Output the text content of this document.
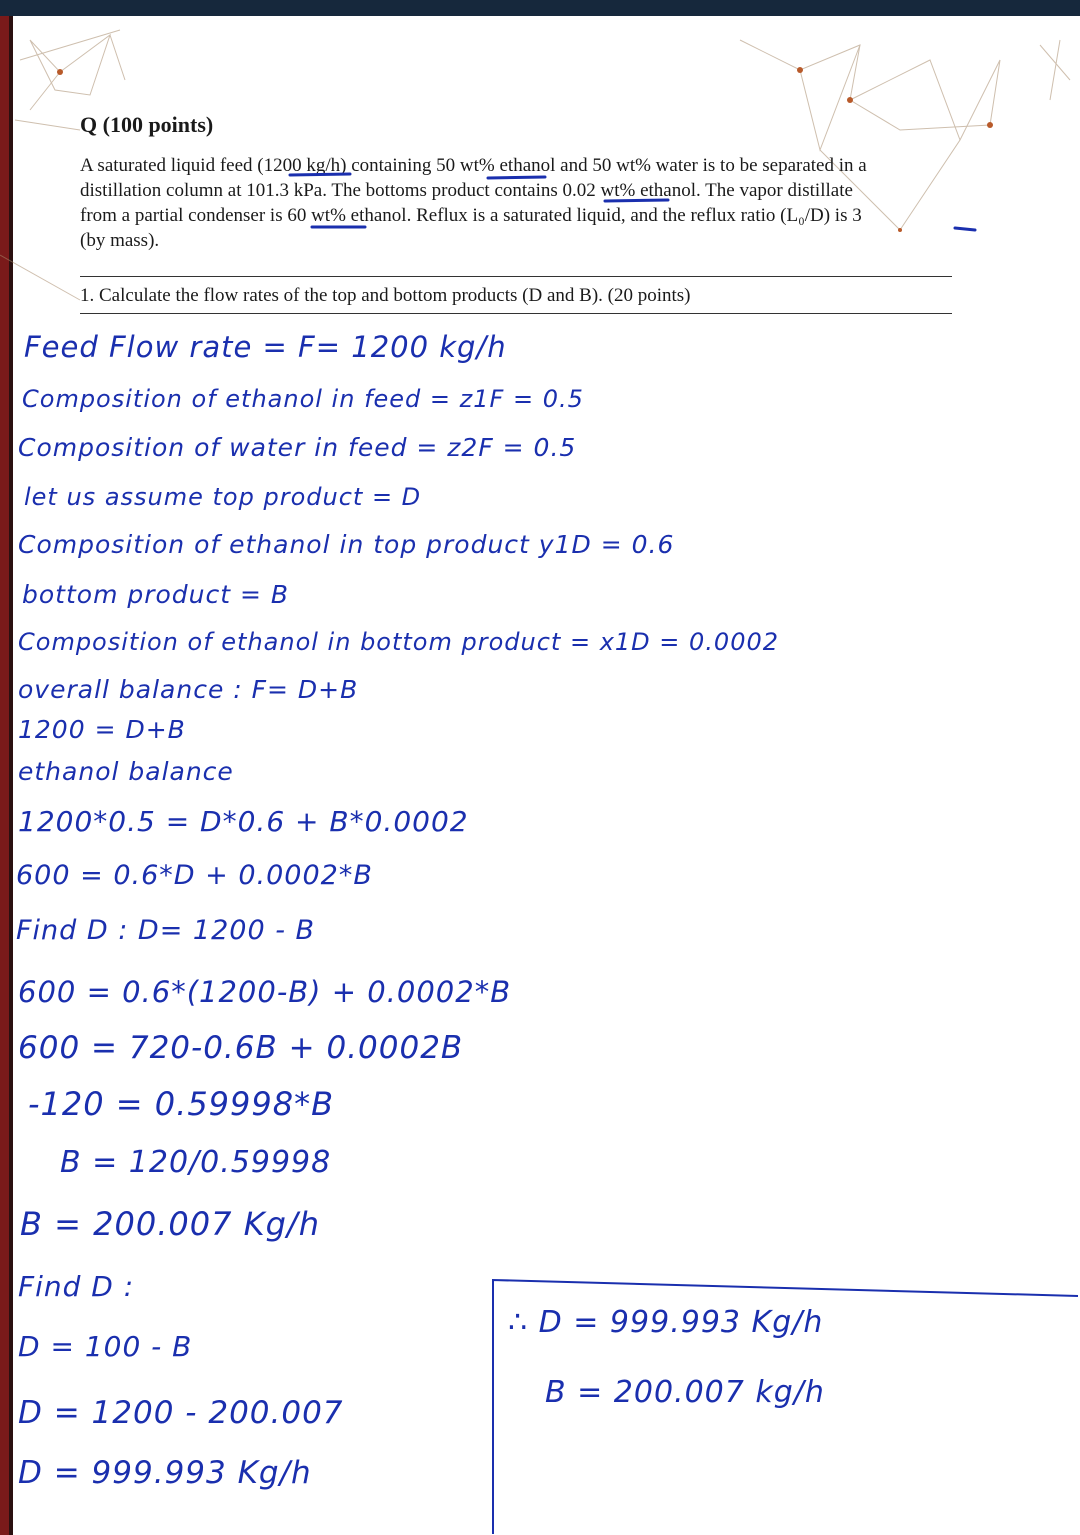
Q (100 points)
A saturated liquid feed (1200 kg/h) containing 50 wt% ethanol and 50 wt% water is to be separated in a
distillation column at 101.3 kPa. The bottoms product contains 0.02 wt% ethanol. The vapor distillate
from a partial condenser is 60 wt% ethanol. Reflux is a saturated liquid, and the reflux ratio (L₀/D) is 3
(by mass).
1. Calculate the flow rates of the top and bottom products (D and B). (20 points)
Feed Flow rate = F= 1200 kg/h
Composition of ethanol in feed = z1F = 0.5
Composition of water in feed = z2F = 0.5
let us assume top product = D
Composition of ethanol in top product y1D = 0.6
bottom product = B
Composition of ethanol in bottom product = x1D = 0.0002
overall balance : F= D+B
1200 = D+B
ethanol balance
1200*0.5 = D*0.6 + B*0.0002
600 = 0.6*D + 0.0002*B
Find D : D= 1200 - B
600 = 0.6*(1200-B) + 0.0002*B
600 = 720-0.6B + 0.0002B
-120 = 0.59998*B
B = 120/0.59998
B = 200.007 Kg/h
Find D :
D = 100 - B
D = 1200 - 200.007
D = 999.993 Kg/h
∴ D = 999.993 Kg/h
B = 200.007 kg/h
